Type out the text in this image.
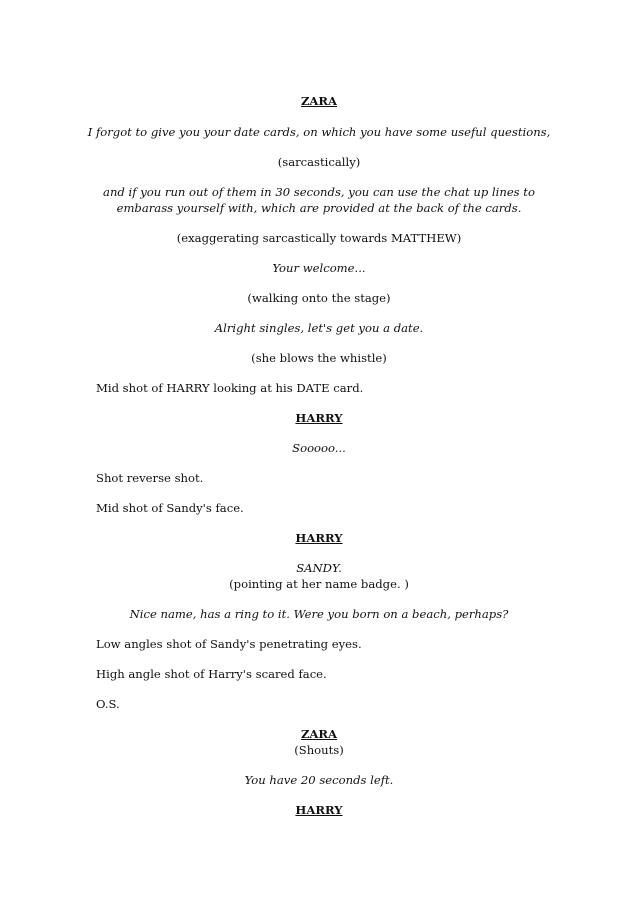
ZARA
I forgot to give you your date cards, on which you have some useful questions,
(sarcastically)
and if you run out of them in 30 seconds, you can use the chat up lines to embarass yourself with, which are provided at the back of the cards.
(exaggerating sarcastically towards MATTHEW)
Your welcome...
(walking onto the stage)
Alright singles, let's get you a date.
(she blows the whistle)
Mid shot of HARRY looking at his DATE card.
HARRY
Sooooo...
Shot reverse shot.
Mid shot of Sandy's face.
HARRY
SANDY.
(pointing at her name badge. )
Nice name, has a ring to it. Were you born on a beach, perhaps?
Low angles shot of Sandy's penetrating eyes.
High angle shot of Harry's scared face.
O.S.
ZARA
(Shouts)
You have 20 seconds left.
HARRY
